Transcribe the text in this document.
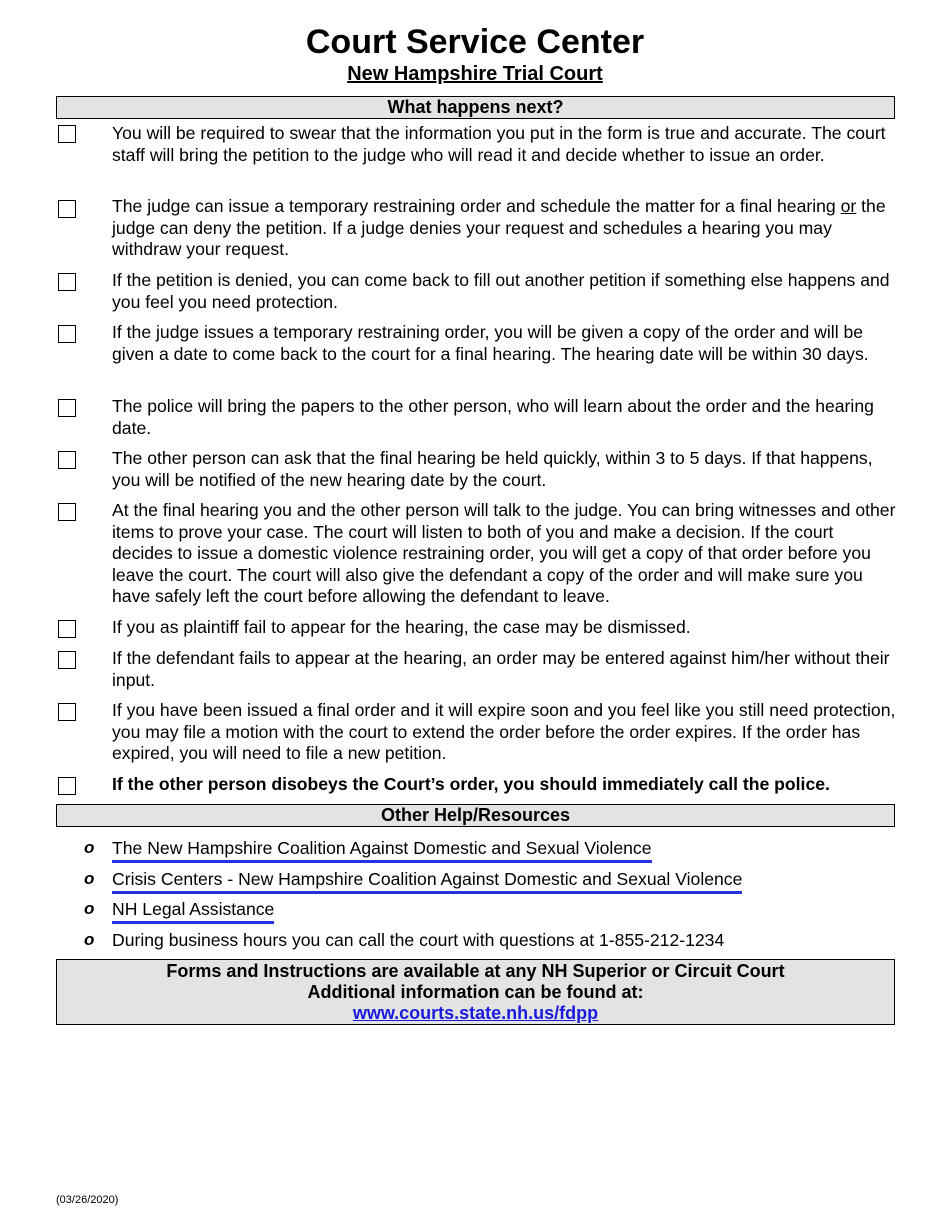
Court Service Center
New Hampshire Trial Court
What happens next?
You will be required to swear that the information you put in the form is true and accurate. The court staff will bring the petition to the judge who will read it and decide whether to issue an order.
The judge can issue a temporary restraining order and schedule the matter for a final hearing or the judge can deny the petition. If a judge denies your request and schedules a hearing you may withdraw your request.
If the petition is denied, you can come back to fill out another petition if something else happens and you feel you need protection.
If the judge issues a temporary restraining order, you will be given a copy of the order and will be given a date to come back to the court for a final hearing. The hearing date will be within 30 days.
The police will bring the papers to the other person, who will learn about the order and the hearing date.
The other person can ask that the final hearing be held quickly, within 3 to 5 days. If that happens, you will be notified of the new hearing date by the court.
At the final hearing you and the other person will talk to the judge. You can bring witnesses and other items to prove your case. The court will listen to both of you and make a decision. If the court decides to issue a domestic violence restraining order, you will get a copy of that order before you leave the court. The court will also give the defendant a copy of the order and will make sure you have safely left the court before allowing the defendant to leave.
If you as plaintiff fail to appear for the hearing, the case may be dismissed.
If the defendant fails to appear at the hearing, an order may be entered against him/her without their input.
If you have been issued a final order and it will expire soon and you feel like you still need protection, you may file a motion with the court to extend the order before the order expires. If the order has expired, you will need to file a new petition.
If the other person disobeys the Court’s order, you should immediately call the police.
Other Help/Resources
o The New Hampshire Coalition Against Domestic and Sexual Violence
o Crisis Centers - New Hampshire Coalition Against Domestic and Sexual Violence
o NH Legal Assistance
o During business hours you can call the court with questions at 1-855-212-1234
Forms and Instructions are available at any NH Superior or Circuit Court
Additional information can be found at:
www.courts.state.nh.us/fdpp
(03/26/2020)
